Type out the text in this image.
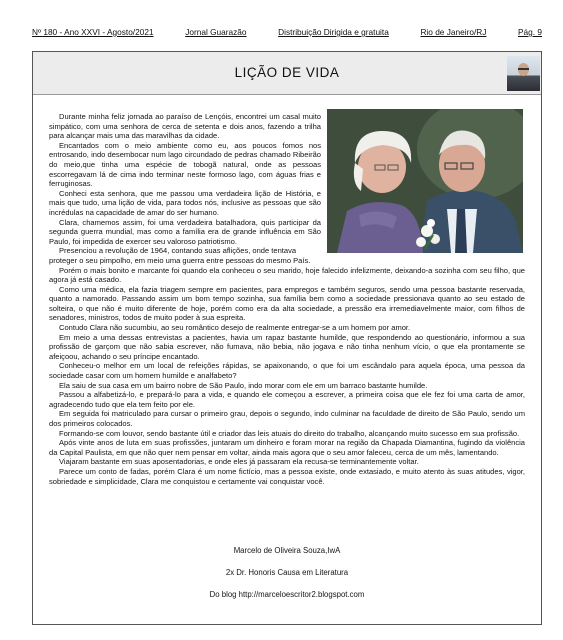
Nº 180 - Ano XXVI - Agosto/2021	Jornal Guarazão	Distribuição Dirigida e gratuita	Rio de Janeiro/RJ	Pág. 9
LIÇÃO DE VIDA

Durante minha feliz jornada ao paraíso de Lençóis, encontrei um casal muito simpático, com uma senhora de cerca de setenta e dois anos, fazendo a trilha para alcançar mais uma das maravilhas da cidade.

Encantados com o meio ambiente como eu, aos poucos fomos nos entrosando, indo desembocar num lago circundado de pedras chamado Ribeirão do meio,que tinha uma espécie de tobogã natural, onde as pessoas escorregavam lá de cima indo terminar neste formoso lago, com águas frias e ferruginosas.

Conheci esta senhora, que me passou uma verdadeira lição de História, e mais que tudo, uma lição de vida, para todos nós, inclusive as pessoas que são incrédulas na capacidade de amar do ser humano.

Clara, chamemos assim, foi uma verdadeira batalhadora, quis participar da segunda guerra mundial, mas como a família era de grande influência em São Paulo, foi impedida de exercer seu valoroso patriotismo.

Presenciou a revolução de 1964, contando suas aflições, onde tentava

proteger o seu pimpolho, em meio uma guerra entre pessoas do mesmo País.

Porém o mais bonito e marcante foi quando ela conheceu o seu marido, hoje falecido infelizmente, deixando-a sozinha com seu filho, que agora já está casado.

Como uma médica, ela fazia triagem sempre em pacientes, para empregos e também seguros, sendo uma pessoa bastante reservada, quanto a namorado. Passando assim um bom tempo sozinha, sua família bem como a sociedade pressionava quanto ao seu estado de solteira, o que não é muito diferente de hoje, porém como era da alta sociedade, a pressão era irremediavelmente maior, com filhos de senadores, ministros, todos de muito poder à sua espreita.

Contudo Clara não sucumbiu, ao seu romântico desejo de realmente entregar-se a um homem por amor.

Em meio a uma dessas entrevistas a pacientes, havia um rapaz bastante humilde, que respondendo ao questionário, informou a sua profissão de garçom que não sabia escrever, não fumava, não bebia, não jogava e não tinha nenhum vício, o que ela prontamente se afeiçoou, achando o seu príncipe encantado.

Conheceu-o melhor em um local de refeições rápidas, se apaixonando, o que foi um escândalo para aquela época, uma pessoa da sociedade casar com um homem humilde e analfabeto?

Ela saiu de sua casa em um bairro nobre de São Paulo, indo morar com ele em um barraco bastante humilde.

Passou a alfabetizá-lo, e prepará-lo para a vida, e quando ele começou a escrever, a primeira coisa que ele fez foi uma carta de amor, agradecendo tudo que ela tem feito por ele.

Em seguida foi matriculado para cursar o primeiro grau, depois o segundo, indo culminar na faculdade de direito de São Paulo, sendo um dos primeiros colocados.

Formando-se com louvor, sendo bastante útil e criador das leis atuais do direito do trabalho, alcançando muito sucesso em sua profissão.

Após vinte anos de luta em suas profissões, juntaram um dinheiro e foram morar na região da Chapada Diamantina, fugindo da violência da Capital Paulista, em que não quer nem pensar em voltar, ainda mais agora que o seu amor faleceu, cerca de um mês, lamentando.

Viajaram bastante em suas aposentadorias, e onde eles já passaram ela recusa-se terminantemente voltar.

Parece um conto de fadas, porém Clara é um nome fictício, mas a pessoa existe, onde extasiado, e muito atento às suas atitudes, vigor, sobriedade e simplicidade, Clara me conquistou e certamente vai conquistar você.

Marcelo de Oliveira Souza,IwA
2x Dr. Honoris Causa em Literatura
Do blog http://marceloescritor2.blogspot.com
